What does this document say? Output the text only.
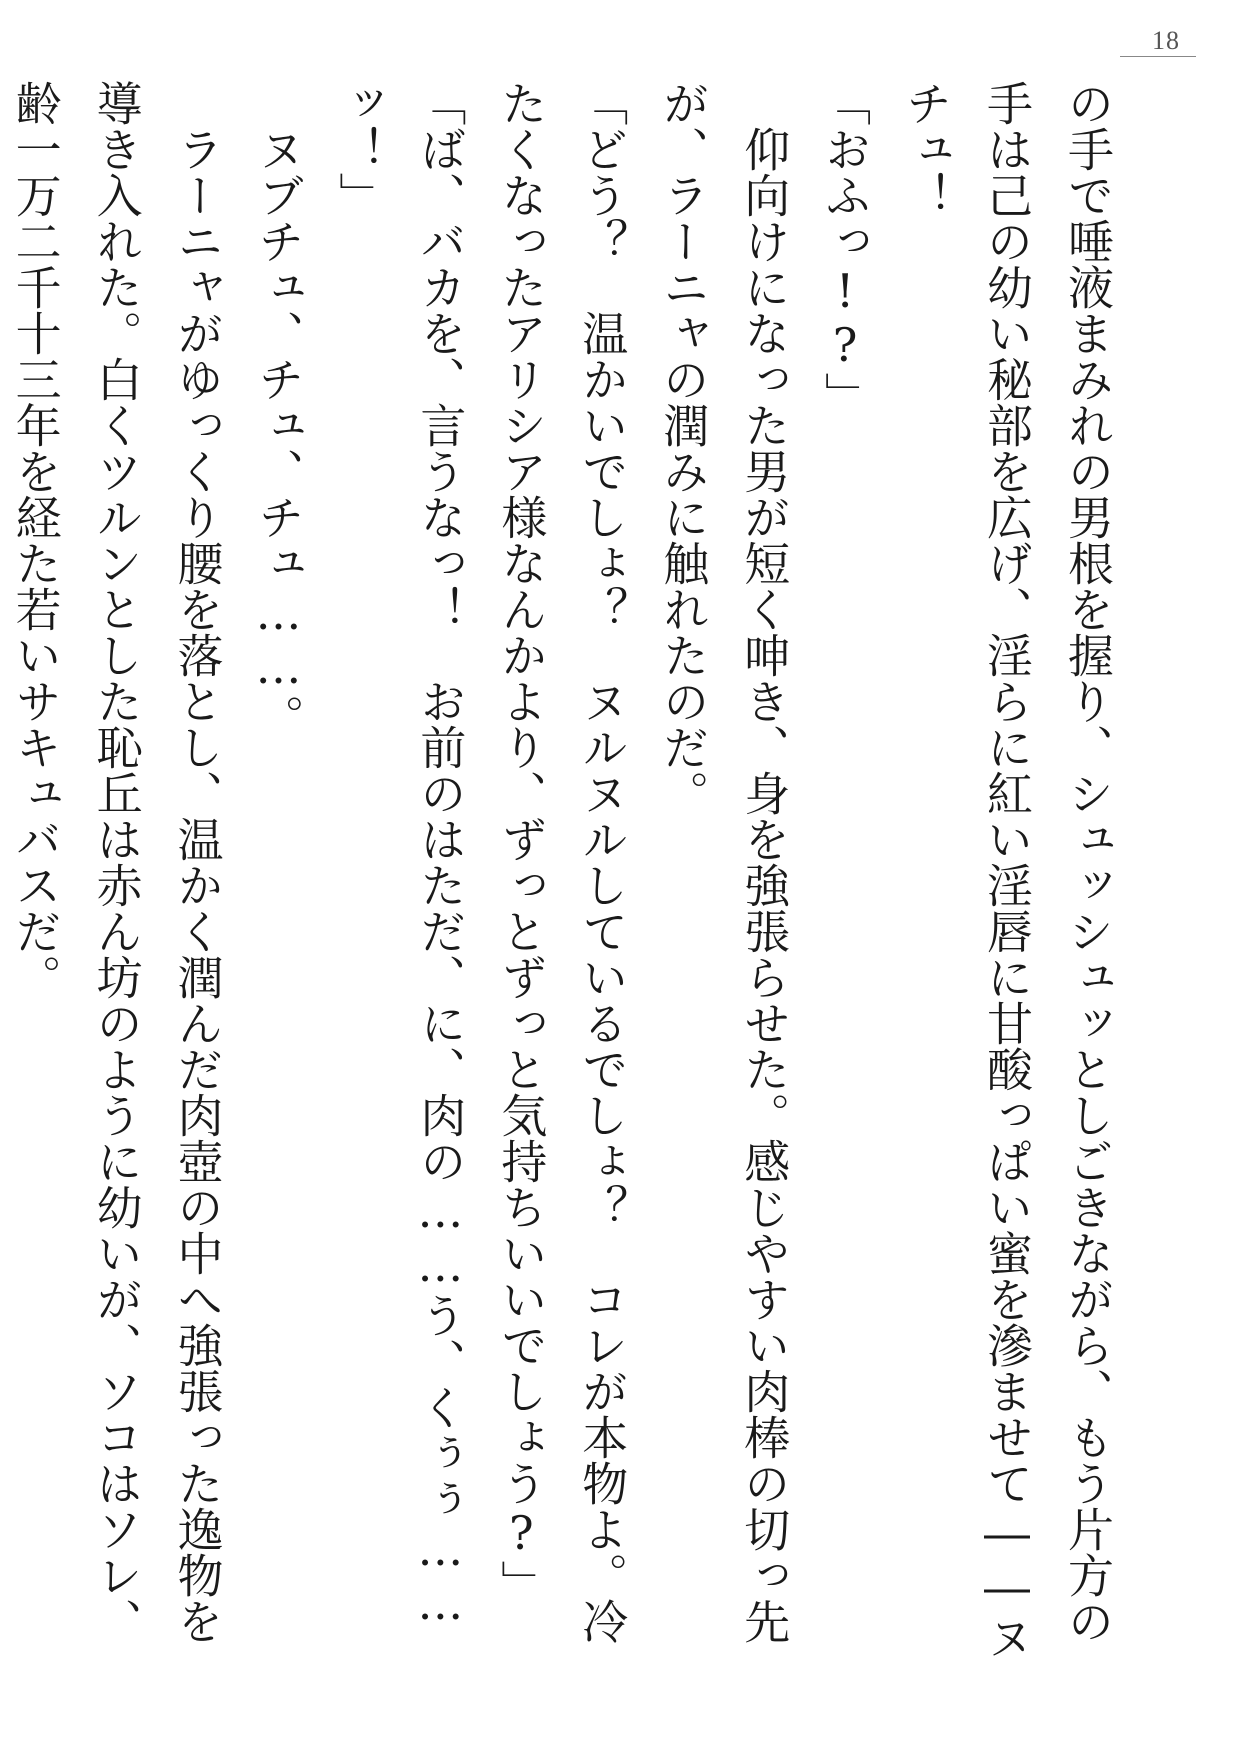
18

の手で唾液まみれの男根を握り、シュッシュッとしごきながら、もう片方の手は己の幼い秘部を広げ、淫らに紅い淫唇に甘酸っぱい蜜を滲ませて――ヌチュ！

「おふっ!?」

　仰向けになった男が短く呻き、身を強張らせた。感じやすい肉棒の切っ先が、ラーニャの潤みに触れたのだ。

「どう？　温かいでしょ？　ヌルヌルしているでしょ？　コレが本物よ。冷たくなったアリシア様なんかより、ずっとずっと気持ちいいでしょう?」

「ば、バカを、言うなっ！　お前のはただ、に、肉の……う、くぅぅ……ッ！」

　ヌブチュ、チュ、チュ……。

　ラーニャがゆっくり腰を落とし、温かく潤んだ肉壺の中へ強張った逸物を導き入れた。白くツルンとした恥丘は赤ん坊のように幼いが、ソコはソレ、齢一万二千十三年を経た若いサキュバスだ。
